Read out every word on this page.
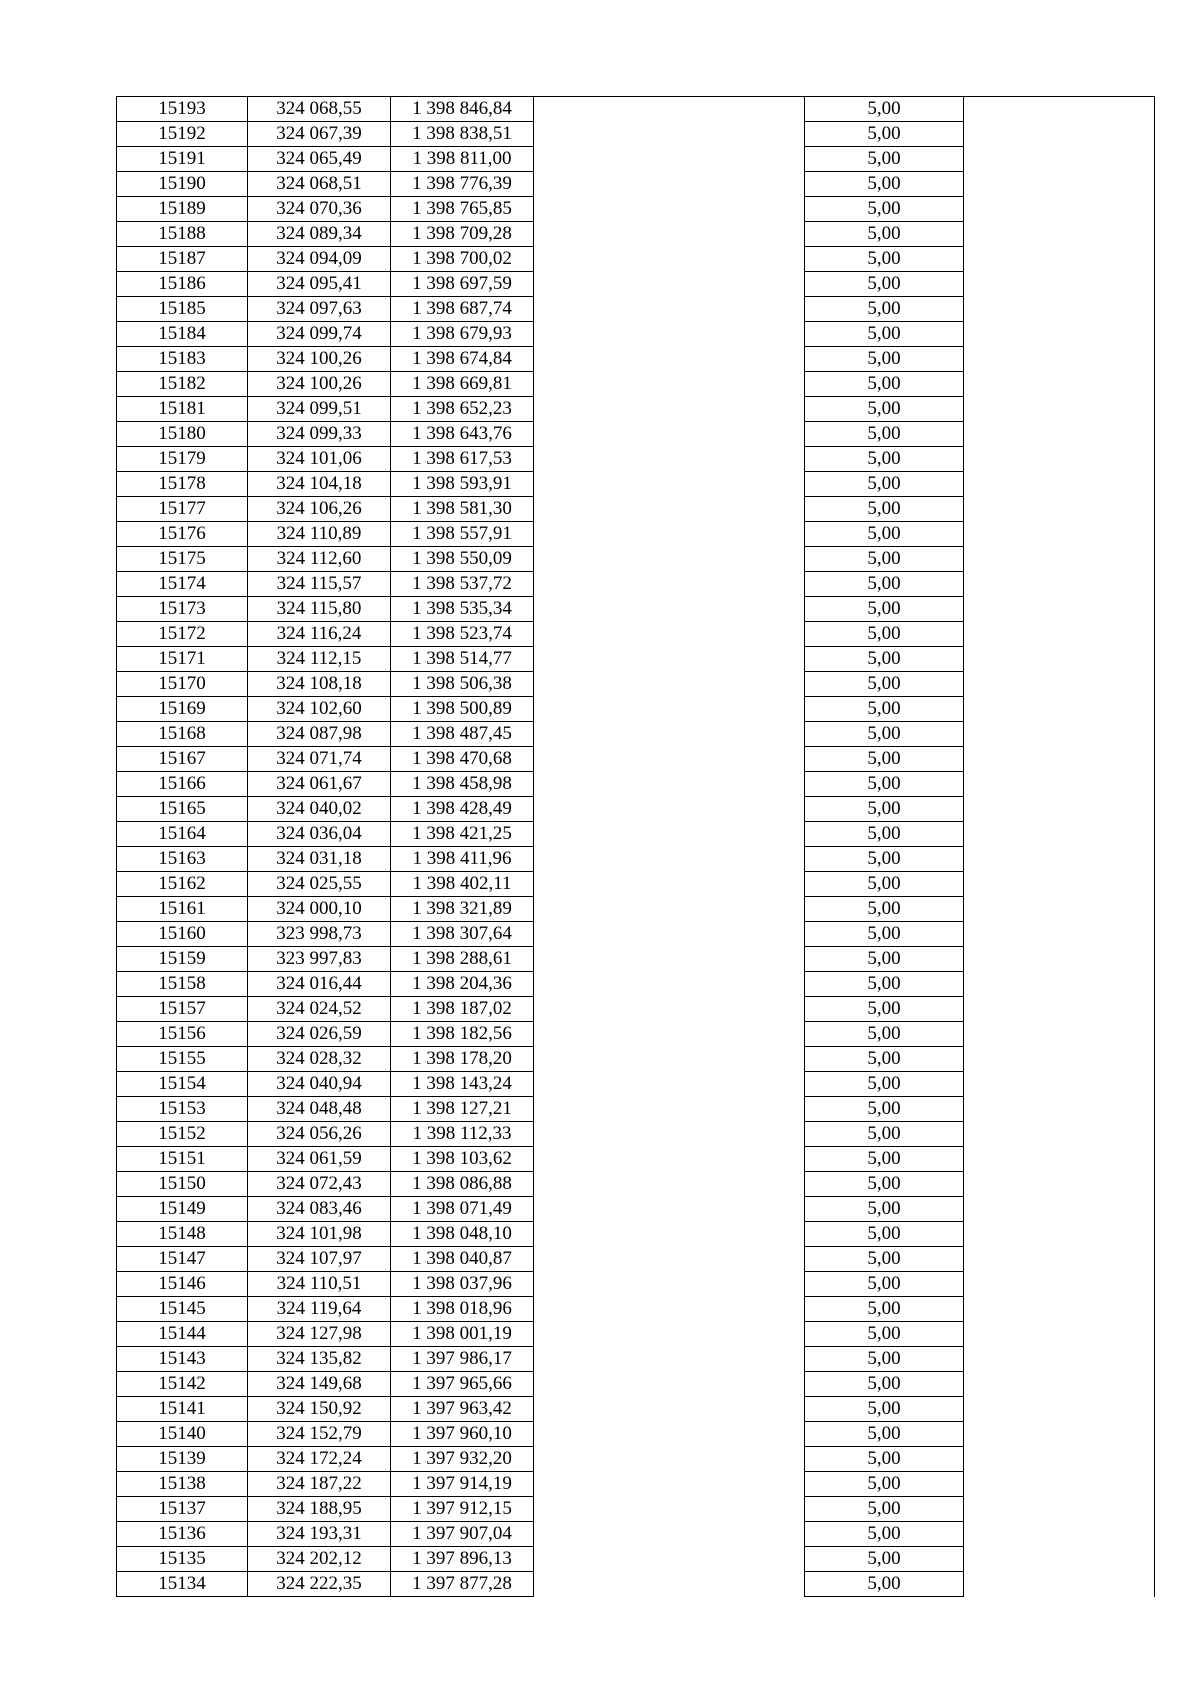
15193	324 068,55	1 398 846,84		5,00	
15192	324 067,39	1 398 838,51		5,00	
15191	324 065,49	1 398 811,00		5,00	
15190	324 068,51	1 398 776,39		5,00	
15189	324 070,36	1 398 765,85		5,00	
15188	324 089,34	1 398 709,28		5,00	
15187	324 094,09	1 398 700,02		5,00	
15186	324 095,41	1 398 697,59		5,00	
15185	324 097,63	1 398 687,74		5,00	
15184	324 099,74	1 398 679,93		5,00	
15183	324 100,26	1 398 674,84		5,00	
15182	324 100,26	1 398 669,81		5,00	
15181	324 099,51	1 398 652,23		5,00	
15180	324 099,33	1 398 643,76		5,00	
15179	324 101,06	1 398 617,53		5,00	
15178	324 104,18	1 398 593,91		5,00	
15177	324 106,26	1 398 581,30		5,00	
15176	324 110,89	1 398 557,91		5,00	
15175	324 112,60	1 398 550,09		5,00	
15174	324 115,57	1 398 537,72		5,00	
15173	324 115,80	1 398 535,34		5,00	
15172	324 116,24	1 398 523,74		5,00	
15171	324 112,15	1 398 514,77		5,00	
15170	324 108,18	1 398 506,38		5,00	
15169	324 102,60	1 398 500,89		5,00	
15168	324 087,98	1 398 487,45		5,00	
15167	324 071,74	1 398 470,68		5,00	
15166	324 061,67	1 398 458,98		5,00	
15165	324 040,02	1 398 428,49		5,00	
15164	324 036,04	1 398 421,25		5,00	
15163	324 031,18	1 398 411,96		5,00	
15162	324 025,55	1 398 402,11		5,00	
15161	324 000,10	1 398 321,89		5,00	
15160	323 998,73	1 398 307,64		5,00	
15159	323 997,83	1 398 288,61		5,00	
15158	324 016,44	1 398 204,36		5,00	
15157	324 024,52	1 398 187,02		5,00	
15156	324 026,59	1 398 182,56		5,00	
15155	324 028,32	1 398 178,20		5,00	
15154	324 040,94	1 398 143,24		5,00	
15153	324 048,48	1 398 127,21		5,00	
15152	324 056,26	1 398 112,33		5,00	
15151	324 061,59	1 398 103,62		5,00	
15150	324 072,43	1 398 086,88		5,00	
15149	324 083,46	1 398 071,49		5,00	
15148	324 101,98	1 398 048,10		5,00	
15147	324 107,97	1 398 040,87		5,00	
15146	324 110,51	1 398 037,96		5,00	
15145	324 119,64	1 398 018,96		5,00	
15144	324 127,98	1 398 001,19		5,00	
15143	324 135,82	1 397 986,17		5,00	
15142	324 149,68	1 397 965,66		5,00	
15141	324 150,92	1 397 963,42		5,00	
15140	324 152,79	1 397 960,10		5,00	
15139	324 172,24	1 397 932,20		5,00	
15138	324 187,22	1 397 914,19		5,00	
15137	324 188,95	1 397 912,15		5,00	
15136	324 193,31	1 397 907,04		5,00	
15135	324 202,12	1 397 896,13		5,00	
15134	324 222,35	1 397 877,28		5,00	
